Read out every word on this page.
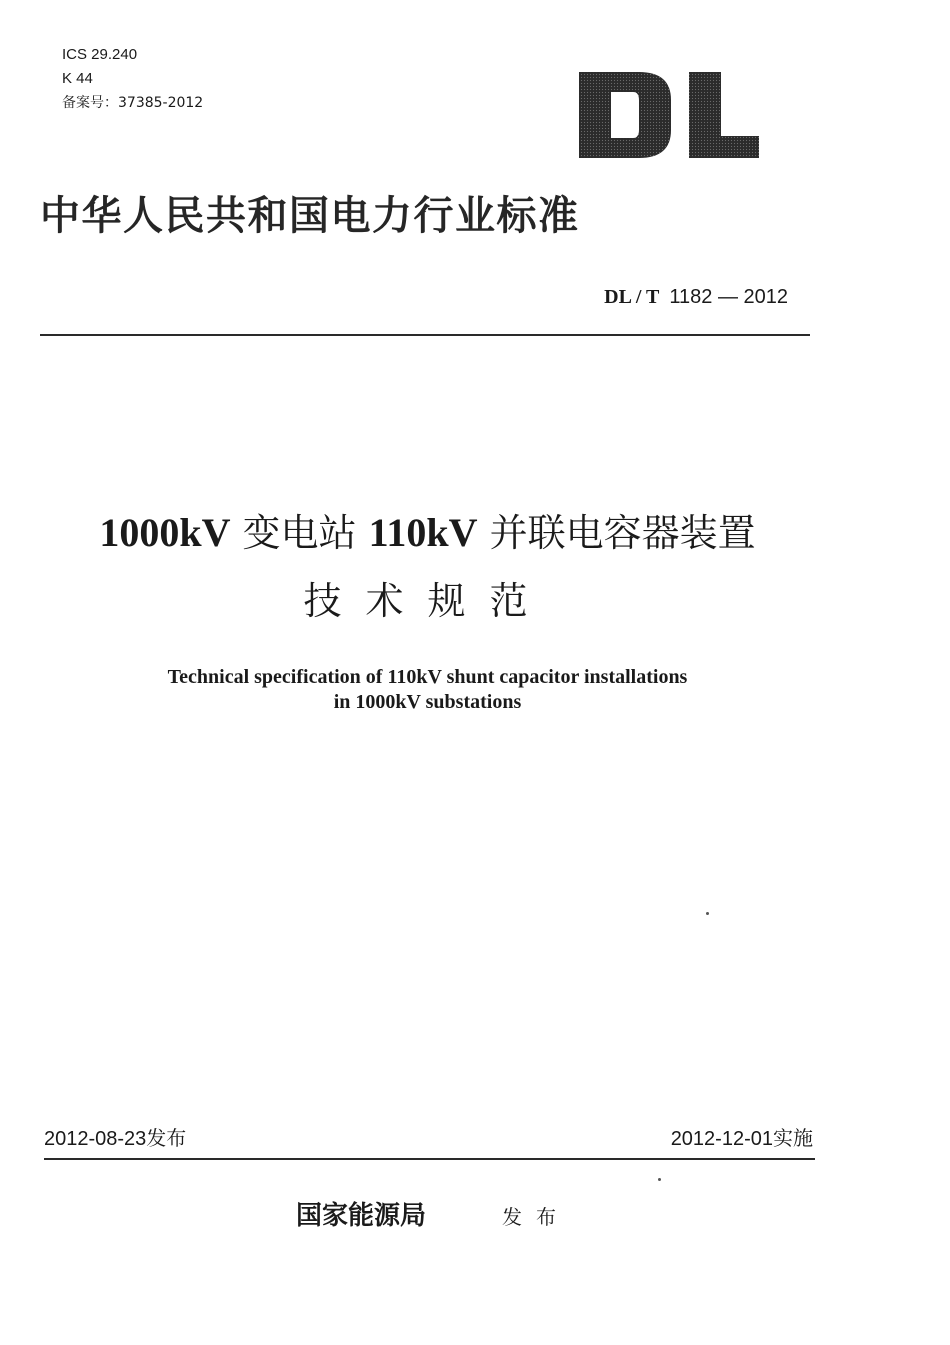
ICS 29.240
K 44
备案号：37385-2012
中华人民共和国电力行业标准
DL / T 1182 — 2012
1000kV 变电站 110kV 并联电容器装置
技术规范
Technical specification of 110kV shunt capacitor installations
in 1000kV substations
2012-08-23发布	2012-12-01实施
国家能源局	发布
